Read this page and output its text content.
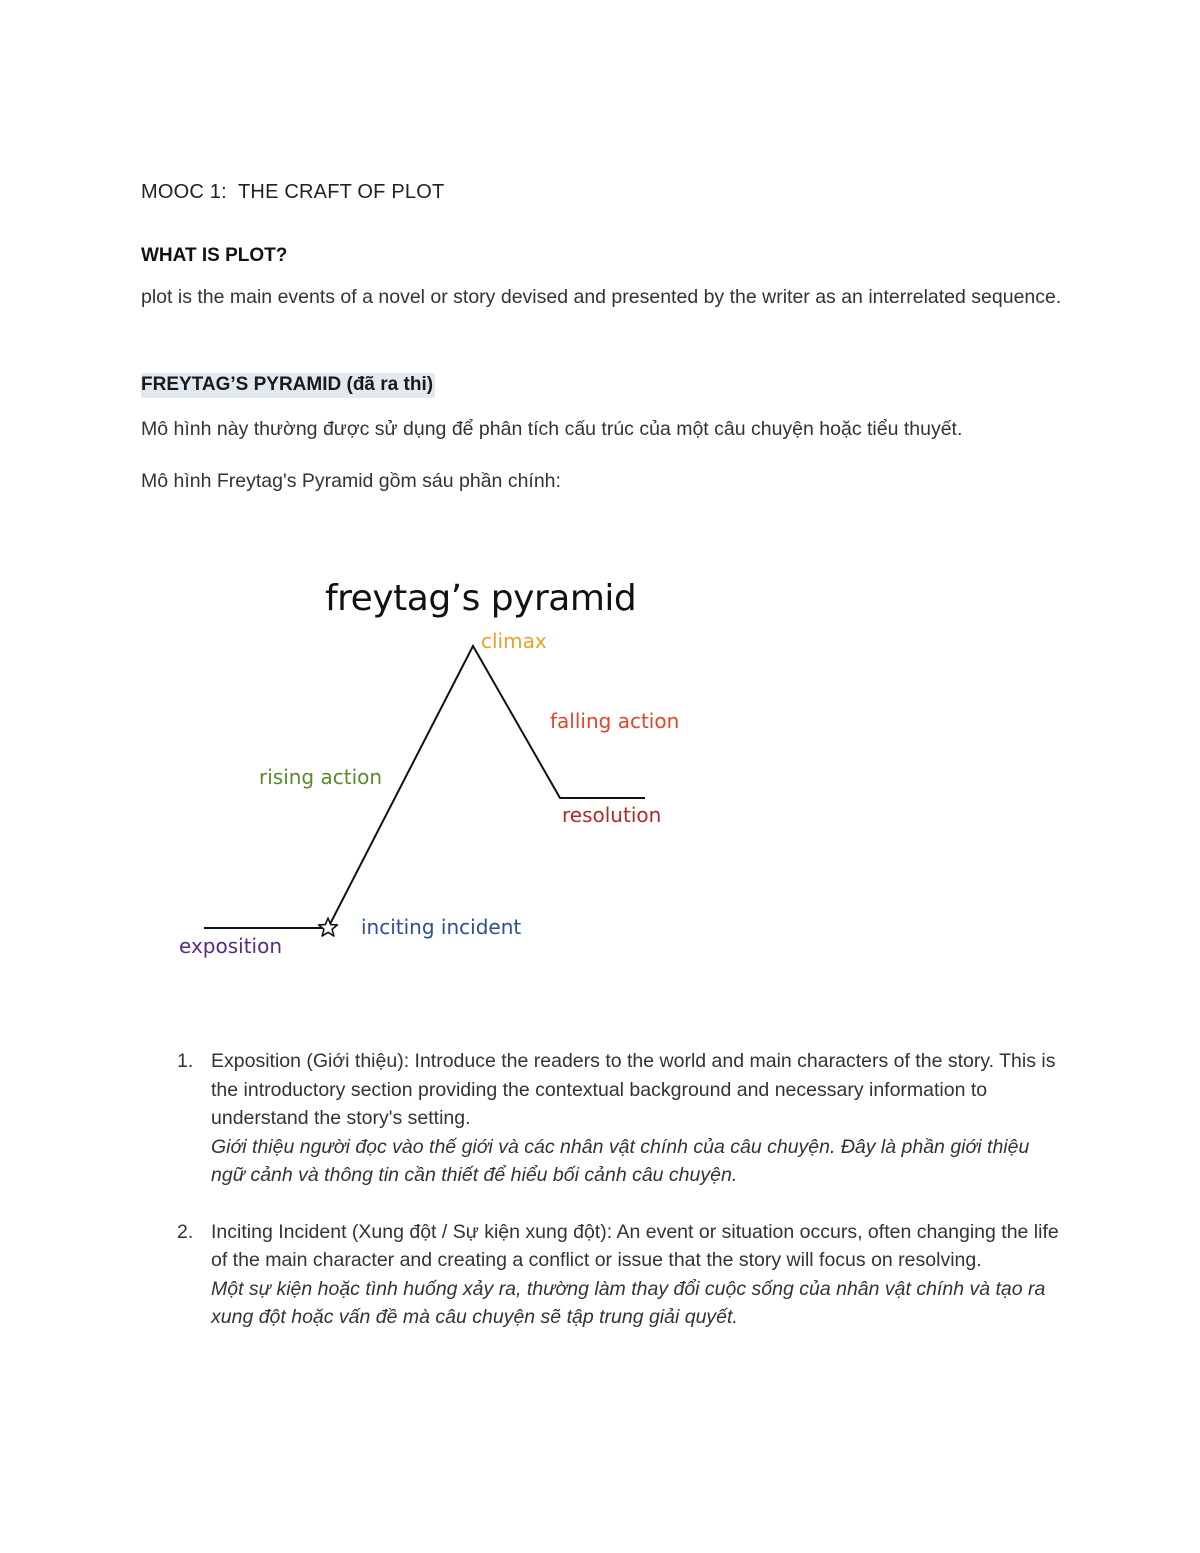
MOOC 1:  THE CRAFT OF PLOT
WHAT IS PLOT?
plot is the main events of a novel or story devised and presented by the writer as an interrelated sequence.
FREYTAG’S PYRAMID (đã ra thi)
Mô hình này thường được sử dụng để phân tích cấu trúc của một câu chuyện hoặc tiểu thuyết.
Mô hình Freytag's Pyramid gồm sáu phần chính:
freytag’s pyramid
climax
falling action
rising action
resolution
inciting incident
exposition
1. Exposition (Giới thiệu): Introduce the readers to the world and main characters of the story. This is the introductory section providing the contextual background and necessary information to understand the story's setting.
Giới thiệu người đọc vào thế giới và các nhân vật chính của câu chuyện. Đây là phần giới thiệu ngữ cảnh và thông tin cần thiết để hiểu bối cảnh câu chuyện.
2. Inciting Incident (Xung đột / Sự kiện xung đột): An event or situation occurs, often changing the life of the main character and creating a conflict or issue that the story will focus on resolving.
Một sự kiện hoặc tình huống xảy ra, thường làm thay đổi cuộc sống của nhân vật chính và tạo ra xung đột hoặc vấn đề mà câu chuyện sẽ tập trung giải quyết.
